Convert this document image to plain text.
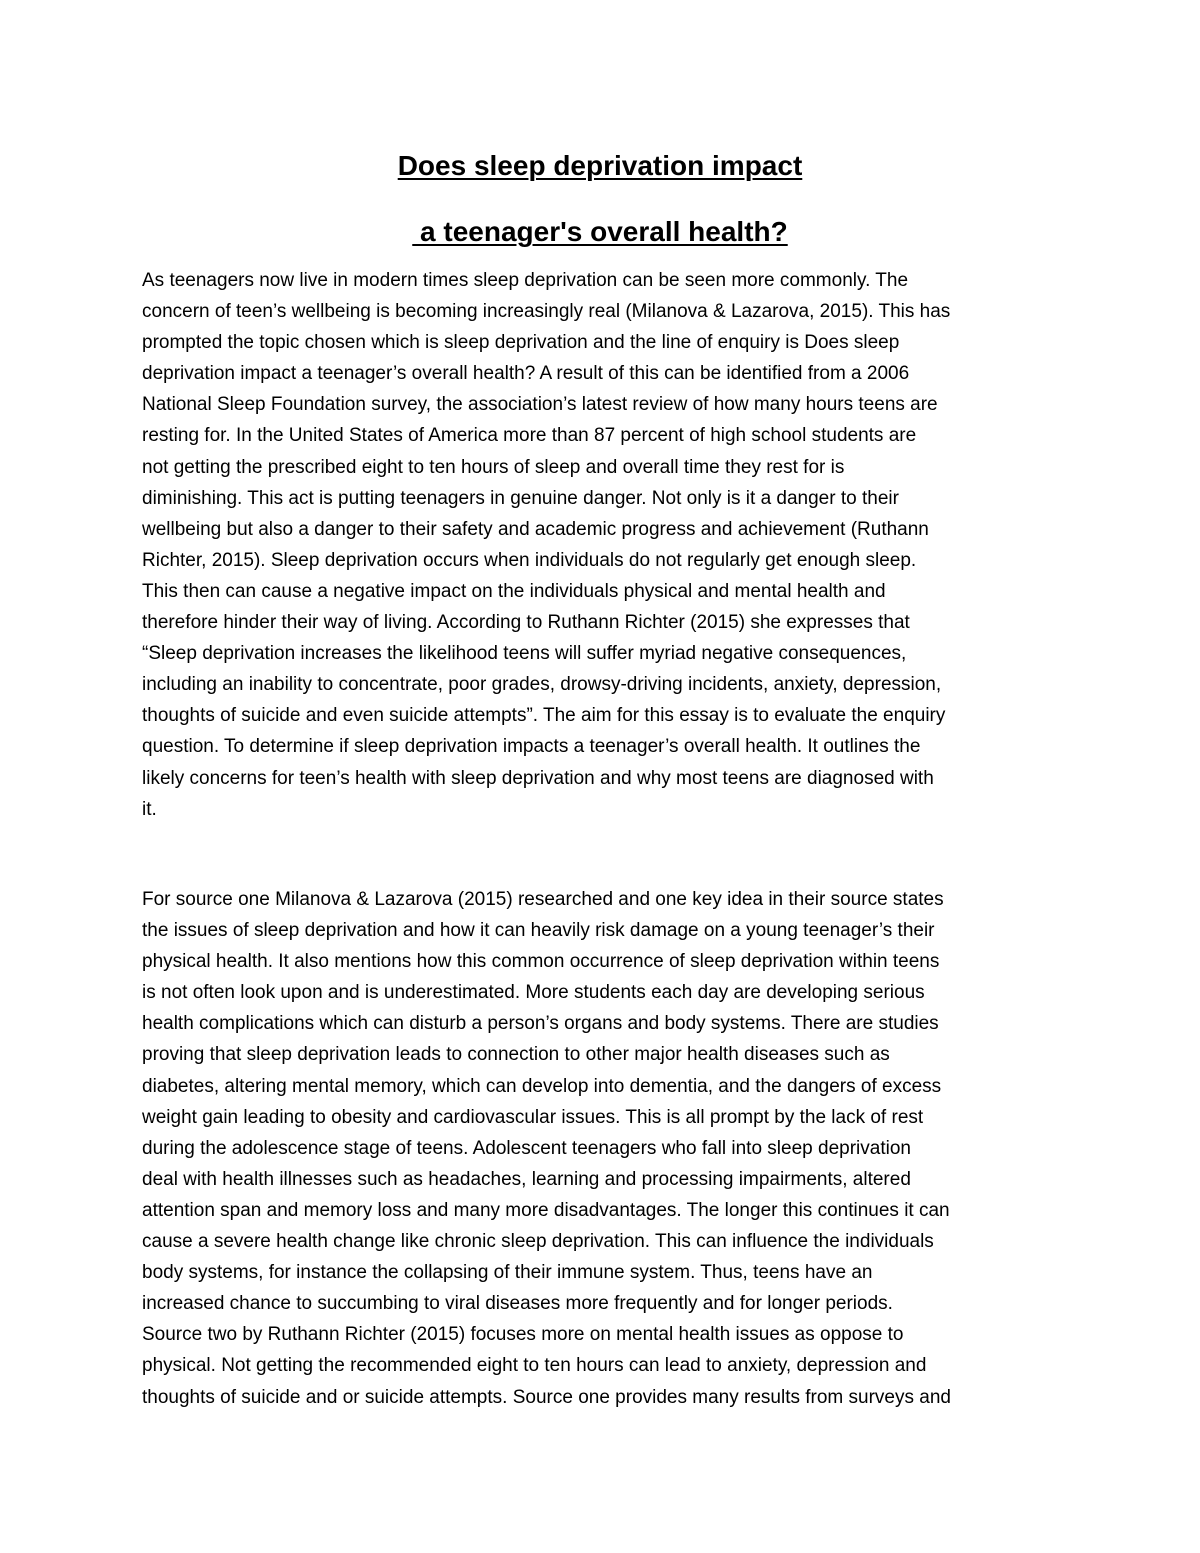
Does sleep deprivation impact
a teenager's overall health?
As teenagers now live in modern times sleep deprivation can be seen more commonly. The
concern of teen’s wellbeing is becoming increasingly real (Milanova & Lazarova, 2015). This has
prompted the topic chosen which is sleep deprivation and the line of enquiry is Does sleep
deprivation impact a teenager’s overall health? A result of this can be identified from a 2006
National Sleep Foundation survey, the association’s latest review of how many hours teens are
resting for. In the United States of America more than 87 percent of high school students are
not getting the prescribed eight to ten hours of sleep and overall time they rest for is
diminishing. This act is putting teenagers in genuine danger. Not only is it a danger to their
wellbeing but also a danger to their safety and academic progress and achievement (Ruthann
Richter, 2015). Sleep deprivation occurs when individuals do not regularly get enough sleep.
This then can cause a negative impact on the individuals physical and mental health and
therefore hinder their way of living. According to Ruthann Richter (2015) she expresses that
“Sleep deprivation increases the likelihood teens will suffer myriad negative consequences,
including an inability to concentrate, poor grades, drowsy-driving incidents, anxiety, depression,
thoughts of suicide and even suicide attempts”. The aim for this essay is to evaluate the enquiry
question. To determine if sleep deprivation impacts a teenager’s overall health. It outlines the
likely concerns for teen’s health with sleep deprivation and why most teens are diagnosed with
it.
For source one Milanova & Lazarova (2015) researched and one key idea in their source states
the issues of sleep deprivation and how it can heavily risk damage on a young teenager’s their
physical health. It also mentions how this common occurrence of sleep deprivation within teens
is not often look upon and is underestimated. More students each day are developing serious
health complications which can disturb a person’s organs and body systems. There are studies
proving that sleep deprivation leads to connection to other major health diseases such as
diabetes, altering mental memory, which can develop into dementia, and the dangers of excess
weight gain leading to obesity and cardiovascular issues. This is all prompt by the lack of rest
during the adolescence stage of teens. Adolescent teenagers who fall into sleep deprivation
deal with health illnesses such as headaches, learning and processing impairments, altered
attention span and memory loss and many more disadvantages. The longer this continues it can
cause a severe health change like chronic sleep deprivation. This can influence the individuals
body systems, for instance the collapsing of their immune system. Thus, teens have an
increased chance to succumbing to viral diseases more frequently and for longer periods.
Source two by Ruthann Richter (2015) focuses more on mental health issues as oppose to
physical. Not getting the recommended eight to ten hours can lead to anxiety, depression and
thoughts of suicide and or suicide attempts. Source one provides many results from surveys and
